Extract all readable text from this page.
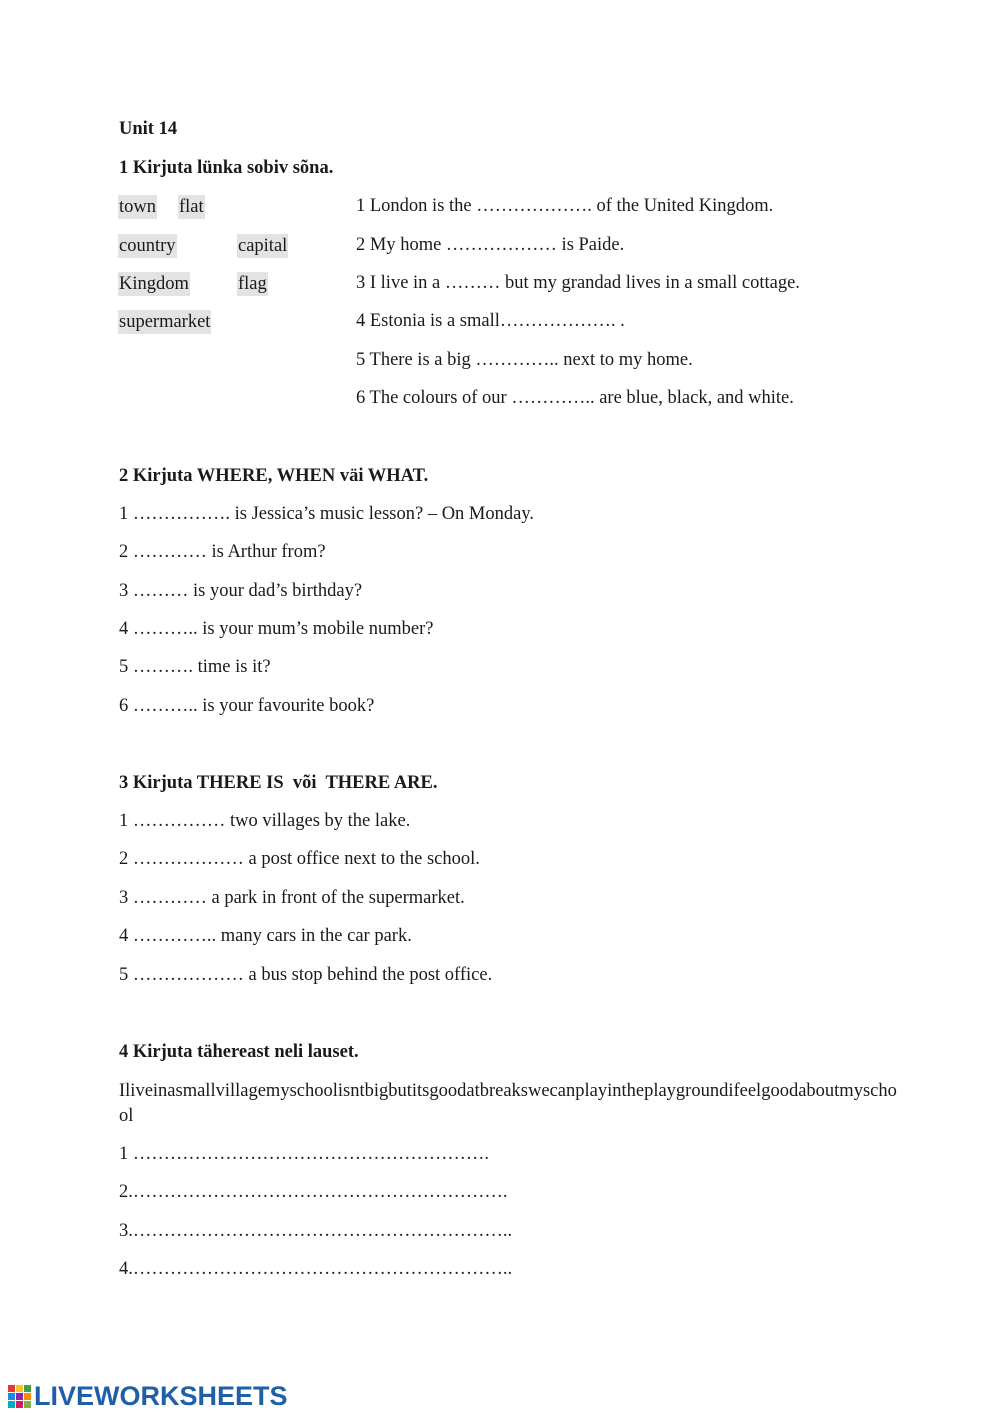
Unit 14
1 Kirjuta lünka sobiv sõna.
town flat
country	capital
Kingdom	flag
supermarket
1 London is the ………………. of the United Kingdom.
2 My home ……………… is Paide.
3 I live in a ……… but my grandad lives in a small cottage.
4 Estonia is a small………………. .
5 There is a big ………….. next to my home.
6 The colours of our ………….. are blue, black, and white.
2 Kirjuta WHERE, WHEN väi WHAT.
1 ……………. is Jessica’s music lesson? – On Monday.
2 ………… is Arthur from?
3 ……… is your dad’s birthday?
4 ……….. is your mum’s mobile number?
5 ………. time is it?
6 ……….. is your favourite book?
3 Kirjuta THERE IS  või  THERE ARE.
1 …………… two villages by the lake.
2 ……………… a post office next to the school.
3 ………… a park in front of the supermarket.
4 ………….. many cars in the car park.
5 ……………… a bus stop behind the post office.
4 Kirjuta tähereast neli lauset.
Iliveinasmallvillagemyschoolisntbigbutitsgoodatbreakswecanplayintheplaygroundifeelgoodaboutmyschool
1 ………………………………………………….
2.…………………………………………………….
3.……………………………………………………..
4.……………………………………………………..
LIVEWORKSHEETS
